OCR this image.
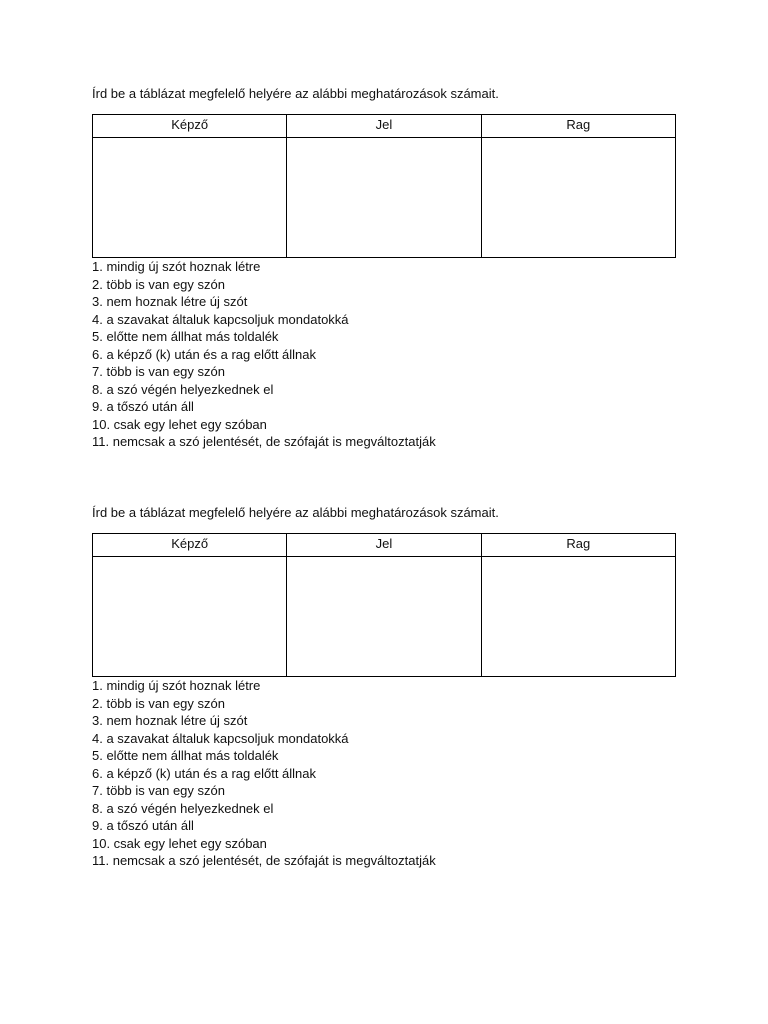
Írd be a táblázat megfelelő helyére az alábbi meghatározások számait.

Képző	Jel	Rag

1. mindig új szót hoznak létre
2. több is van egy szón
3. nem hoznak létre új szót
4. a szavakat általuk kapcsoljuk mondatokká
5. előtte nem állhat más toldalék
6. a képző (k) után és a rag előtt állnak
7. több is van egy szón
8. a szó végén helyezkednek el
9. a tőszó után áll
10. csak egy lehet egy szóban
11. nemcsak a szó jelentését, de szófaját is megváltoztatják

Írd be a táblázat megfelelő helyére az alábbi meghatározások számait.

Képző	Jel	Rag

1. mindig új szót hoznak létre
2. több is van egy szón
3. nem hoznak létre új szót
4. a szavakat általuk kapcsoljuk mondatokká
5. előtte nem állhat más toldalék
6. a képző (k) után és a rag előtt állnak
7. több is van egy szón
8. a szó végén helyezkednek el
9. a tőszó után áll
10. csak egy lehet egy szóban
11. nemcsak a szó jelentését, de szófaját is megváltoztatják
